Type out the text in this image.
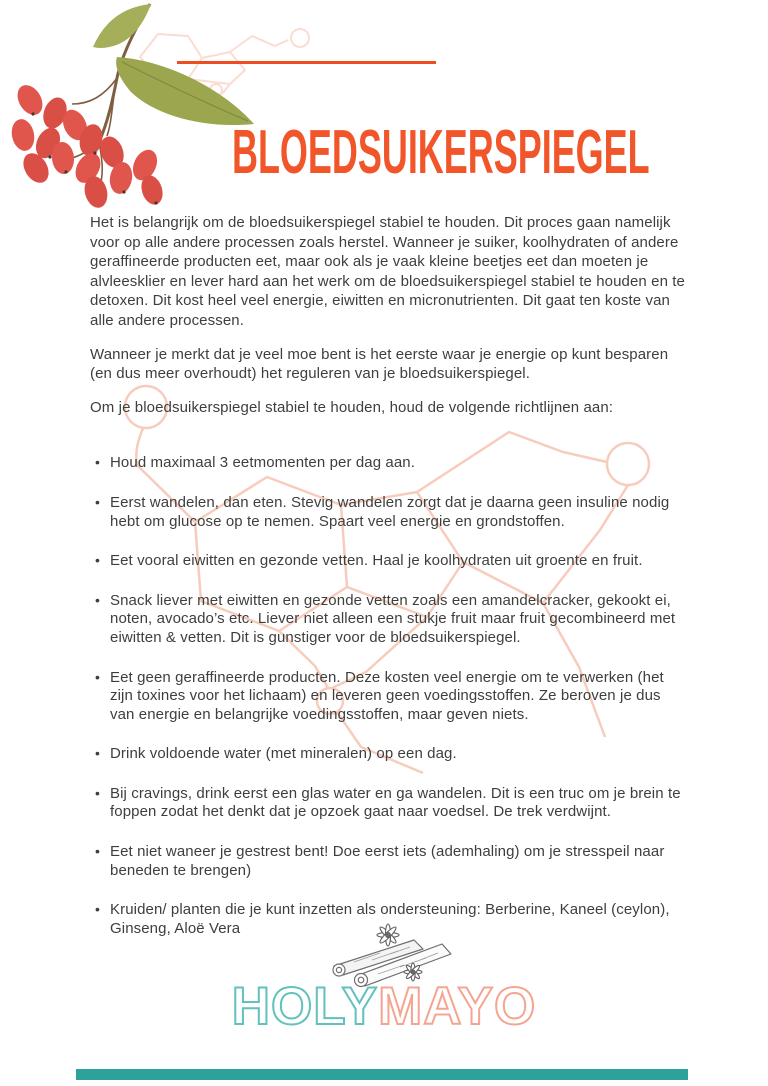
BLOEDSUIKERSPIEGEL

Het is belangrijk om de bloedsuikerspiegel stabiel te houden. Dit proces gaan namelijk voor op alle andere processen zoals herstel. Wanneer je suiker, koolhydraten of andere geraffineerde producten eet, maar ook als je vaak kleine beetjes eet dan moeten je alvleesklier en lever hard aan het werk om de bloedsuikerspiegel stabiel te houden en te detoxen. Dit kost heel veel energie, eiwitten en micronutrienten. Dit gaat ten koste van alle andere processen.

Wanneer je merkt dat je veel moe bent is het eerste waar je energie op kunt besparen (en dus meer overhoudt) het reguleren van je bloedsuikerspiegel.

Om je bloedsuikerspiegel stabiel te houden, houd de volgende richtlijnen aan:

• Houd maximaal 3 eetmomenten per dag aan.
• Eerst wandelen, dan eten. Stevig wandelen zorgt dat je daarna geen insuline nodig hebt om glucose op te nemen. Spaart veel energie en grondstoffen.
• Eet vooral eiwitten en gezonde vetten. Haal je koolhydraten uit groente en fruit.
• Snack liever met eiwitten en gezonde vetten zoals een amandelcracker, gekookt ei, noten, avocado’s etc. Liever niet alleen een stukje fruit maar fruit gecombineerd met eiwitten & vetten. Dit is gunstiger voor de bloedsuikerspiegel.
• Eet geen geraffineerde producten. Deze kosten veel energie om te verwerken (het zijn toxines voor het lichaam) en leveren geen voedingsstoffen. Ze beroven je dus van energie en belangrijke voedingsstoffen, maar geven niets.
• Drink voldoende water (met mineralen) op een dag.
• Bij cravings, drink eerst een glas water en ga wandelen. Dit is een truc om je brein te foppen zodat het denkt dat je opzoek gaat naar voedsel. De trek verdwijnt.
• Eet niet waneer je gestrest bent! Doe eerst iets (ademhaling) om je stresspeil naar beneden te brengen)
• Kruiden/ planten die je kunt inzetten als ondersteuning: Berberine, Kaneel (ceylon), Ginseng, Aloë Vera
HOLYMAYO
